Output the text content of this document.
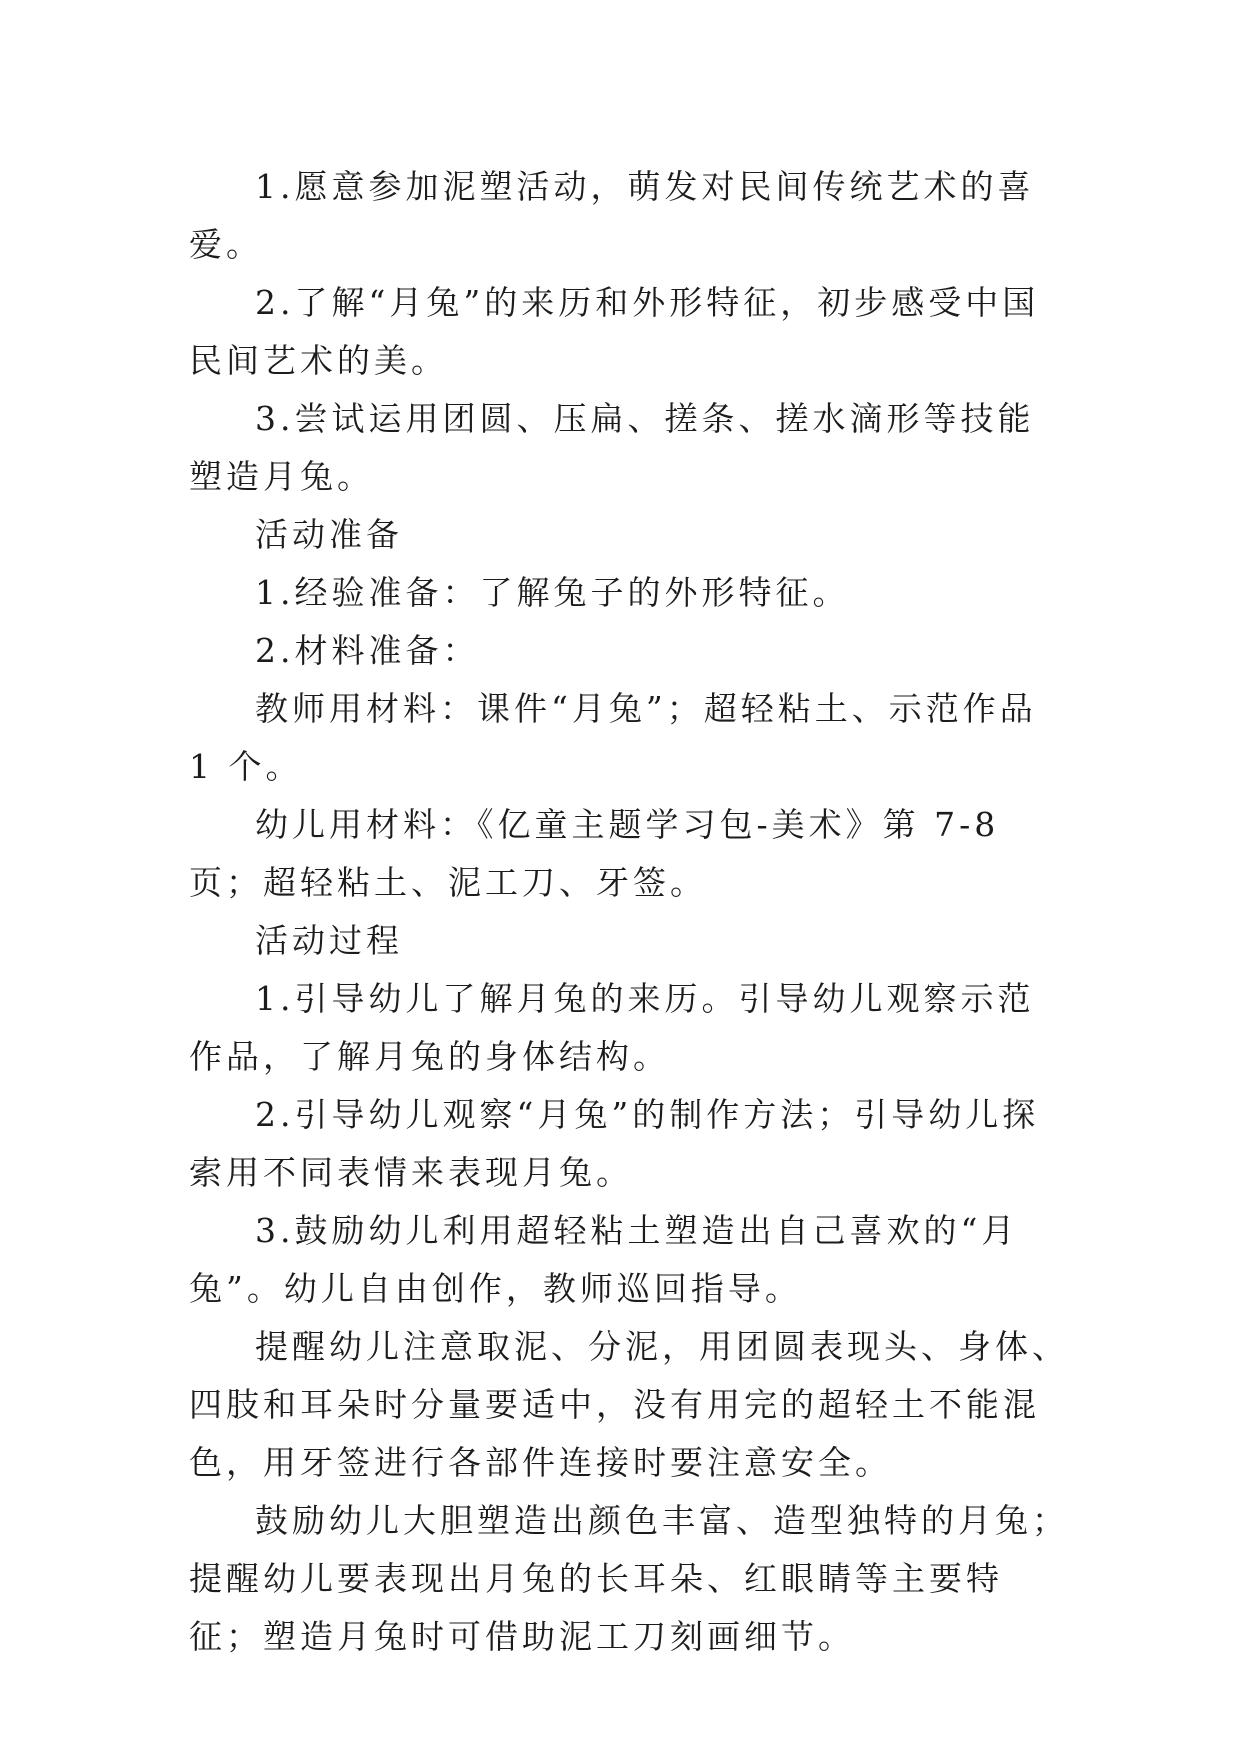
1.愿意参加泥塑活动，萌发对民间传统艺术的喜爱。

2.了解“月兔”的来历和外形特征，初步感受中国民间艺术的美。

3.尝试运用团圆、压扁、搓条、搓水滴形等技能塑造月兔。

活动准备

1.经验准备：了解兔子的外形特征。

2.材料准备：

教师用材料：课件“月兔”；超轻粘土、示范作品 1 个。

幼儿用材料：《亿童主题学习包-美术》第 7-8 页；超轻粘土、泥工刀、牙签。

活动过程

1.引导幼儿了解月兔的来历。引导幼儿观察示范作品，了解月兔的身体结构。

2.引导幼儿观察“月兔”的制作方法；引导幼儿探索用不同表情来表现月兔。

3.鼓励幼儿利用超轻粘土塑造出自己喜欢的“月兔”。幼儿自由创作，教师巡回指导。

提醒幼儿注意取泥、分泥，用团圆表现头、身体、四肢和耳朵时分量要适中，没有用完的超轻土不能混色，用牙签进行各部件连接时要注意安全。

鼓励幼儿大胆塑造出颜色丰富、造型独特的月兔；提醒幼儿要表现出月兔的长耳朵、红眼睛等主要特征；塑造月兔时可借助泥工刀刻画细节。
